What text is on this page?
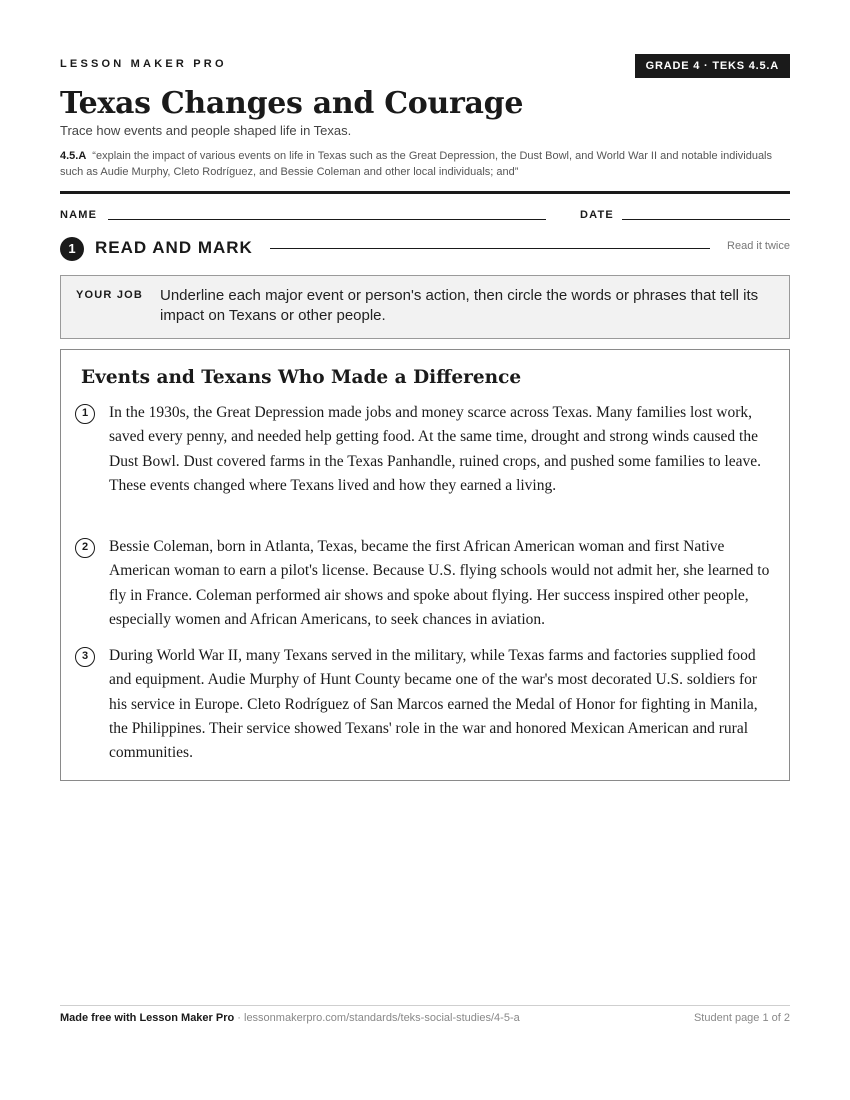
LESSON MAKER PRO	GRADE 4 · TEKS 4.5.A
Texas Changes and Courage
Trace how events and people shaped life in Texas.
4.5.A “explain the impact of various events on life in Texas such as the Great Depression, the Dust Bowl, and World War II and notable individuals such as Audie Murphy, Cleto Rodríguez, and Bessie Coleman and other local individuals; and”
NAME	DATE
1	READ AND MARK	Read it twice
YOUR JOB Underline each major event or person's action, then circle the words or phrases that tell its impact on Texans or other people.
Events and Texans Who Made a Difference
1	In the 1930s, the Great Depression made jobs and money scarce across Texas. Many families lost work, saved every penny, and needed help getting food. At the same time, drought and strong winds caused the Dust Bowl. Dust covered farms in the Texas Panhandle, ruined crops, and pushed some families to leave. These events changed where Texans lived and how they earned a living.
2	Bessie Coleman, born in Atlanta, Texas, became the first African American woman and first Native American woman to earn a pilot's license. Because U.S. flying schools would not admit her, she learned to fly in France. Coleman performed air shows and spoke about flying. Her success inspired other people, especially women and African Americans, to seek chances in aviation.
3	During World War II, many Texans served in the military, while Texas farms and factories supplied food and equipment. Audie Murphy of Hunt County became one of the war's most decorated U.S. soldiers for his service in Europe. Cleto Rodríguez of San Marcos earned the Medal of Honor for fighting in Manila, the Philippines. Their service showed Texans' role in the war and honored Mexican American and rural communities.
Made free with Lesson Maker Pro · lessonmakerpro.com/standards/teks-social-studies/4-5-a	Student page 1 of 2
